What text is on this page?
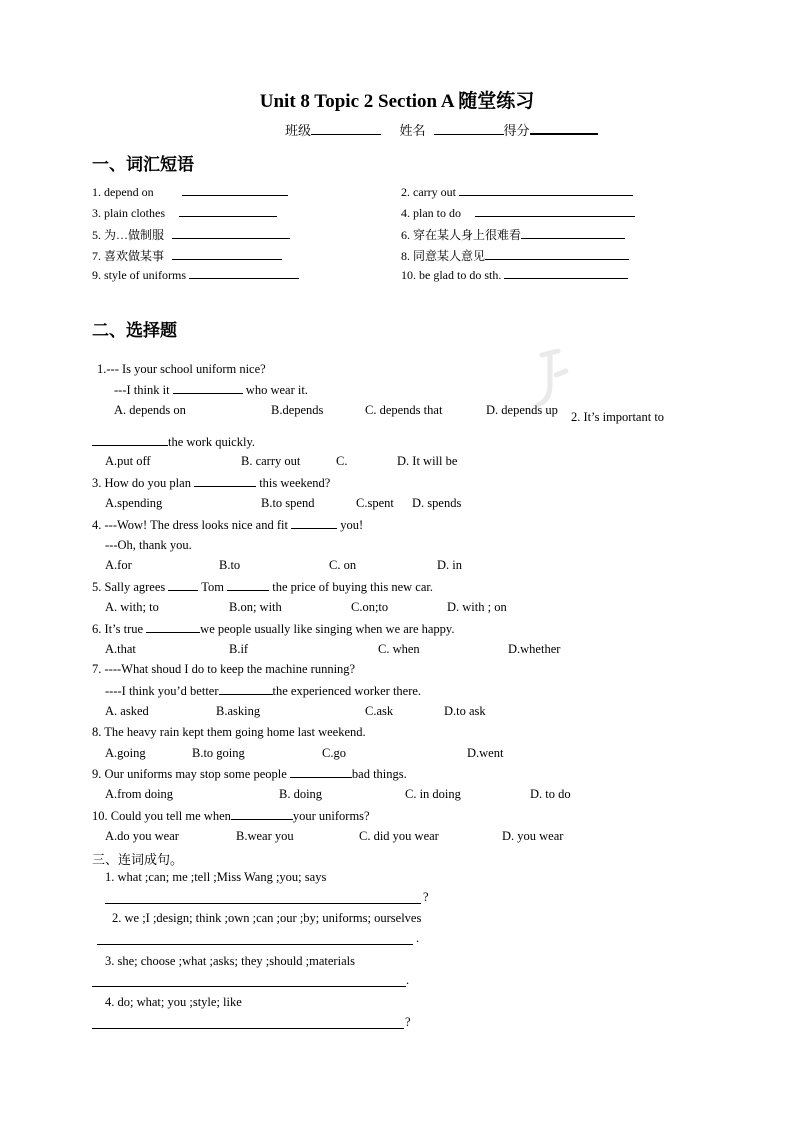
Unit 8 Topic 2 Section A 随堂练习
班级	姓名	得分
一、词汇短语
1. depend on	2. carry out
3. plain clothes	4. plan to do
5. 为…做制服	6. 穿在某人身上很难看
7. 喜欢做某事	8. 同意某人意见
9. style of uniforms	10. be glad to do sth.
二、选择题
1.--- Is your school uniform nice?
---I think it	who wear it.
A. depends on	B.depends	C. depends that	D. depends up 2. It’s important to
the work quickly.
A.put off	B. carry out	C.	D. It will be
3. How do you plan	this weekend?
A.spending	B.to spend	C.spent D. spends
4. ---Wow! The dress looks nice and fit	you!
---Oh, thank you.
A.for	B.to	C. on	D. in
5. Sally agrees	Tom	the price of buying this new car.
A. with; to	B.on; with	C.on;to	D. with ; on
6. It’s true	we people usually like singing when we are happy.
A.that	B.if	C. when	D.whether
7. ----What shoud I do to keep the machine running?
----I think you’d better	the experienced worker there.
A. asked	B.asking	C.ask	D.to ask
8. The heavy rain kept them going home last weekend.
A.going	B.to going	C.go	D.went
9. Our uniforms may stop some people	bad things.
A.from doing	B. doing	C. in doing	D. to do
10. Could you tell me when	your uniforms?
A.do you wear	B.wear you	C. did you wear	D. you wear
三、连词成句。
1. what ;can; me ;tell ;Miss Wang ;you; says
?
2. we ;I ;design; think ;own ;can ;our ;by; uniforms; ourselves
.
3. she; choose ;what ;asks; they ;should ;materials
.
4. do; what; you ;style; like
?
